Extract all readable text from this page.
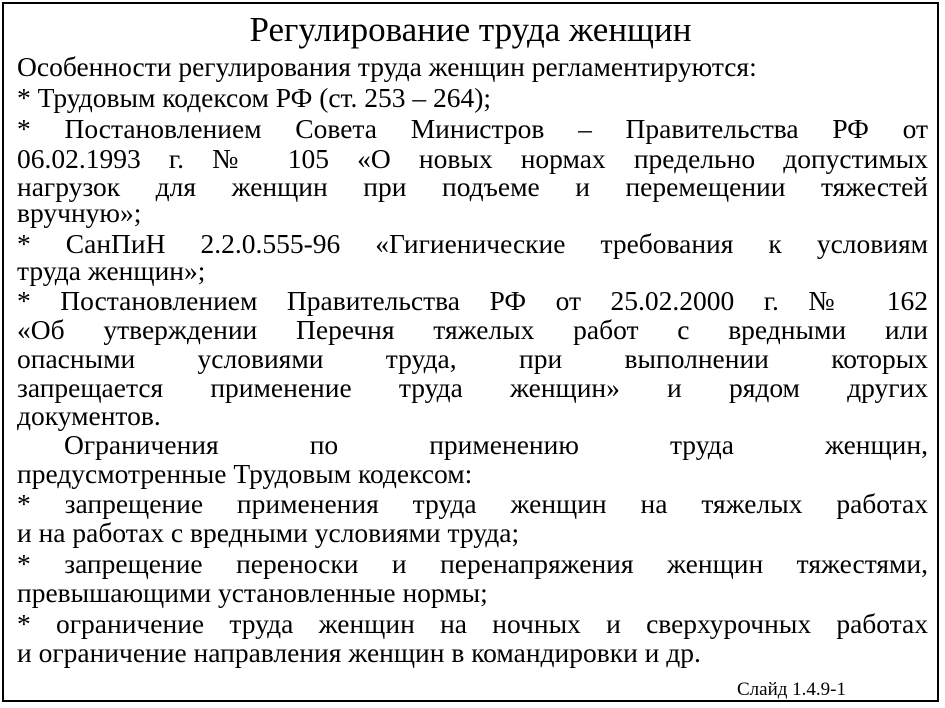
Регулирование труда женщин
Особенности регулирования труда женщин регламентируются:
* Трудовым кодексом РФ (ст. 253 – 264);
* Постановлением Совета Министров – Правительства РФ от
06.02.1993 г. № 105 «О новых нормах предельно допустимых
нагрузок для женщин при подъеме и перемещении тяжестей
вручную»;
* СанПиН 2.2.0.555-96 «Гигиенические требования к условиям
труда женщин»;
* Постановлением Правительства РФ от 25.02.2000 г. № 162
«Об утверждении Перечня тяжелых работ с вредными или
опасными условиями труда, при выполнении которых
запрещается применение труда женщин» и рядом других
документов.
Ограничения по применению труда женщин,
предусмотренные Трудовым кодексом:
* запрещение применения труда женщин на тяжелых работах
и на работах с вредными условиями труда;
* запрещение переноски и перенапряжения женщин тяжестями,
превышающими установленные нормы;
* ограничение труда женщин на ночных и сверхурочных работах
и ограничение направления женщин в командировки и др.
Слайд 1.4.9-1
